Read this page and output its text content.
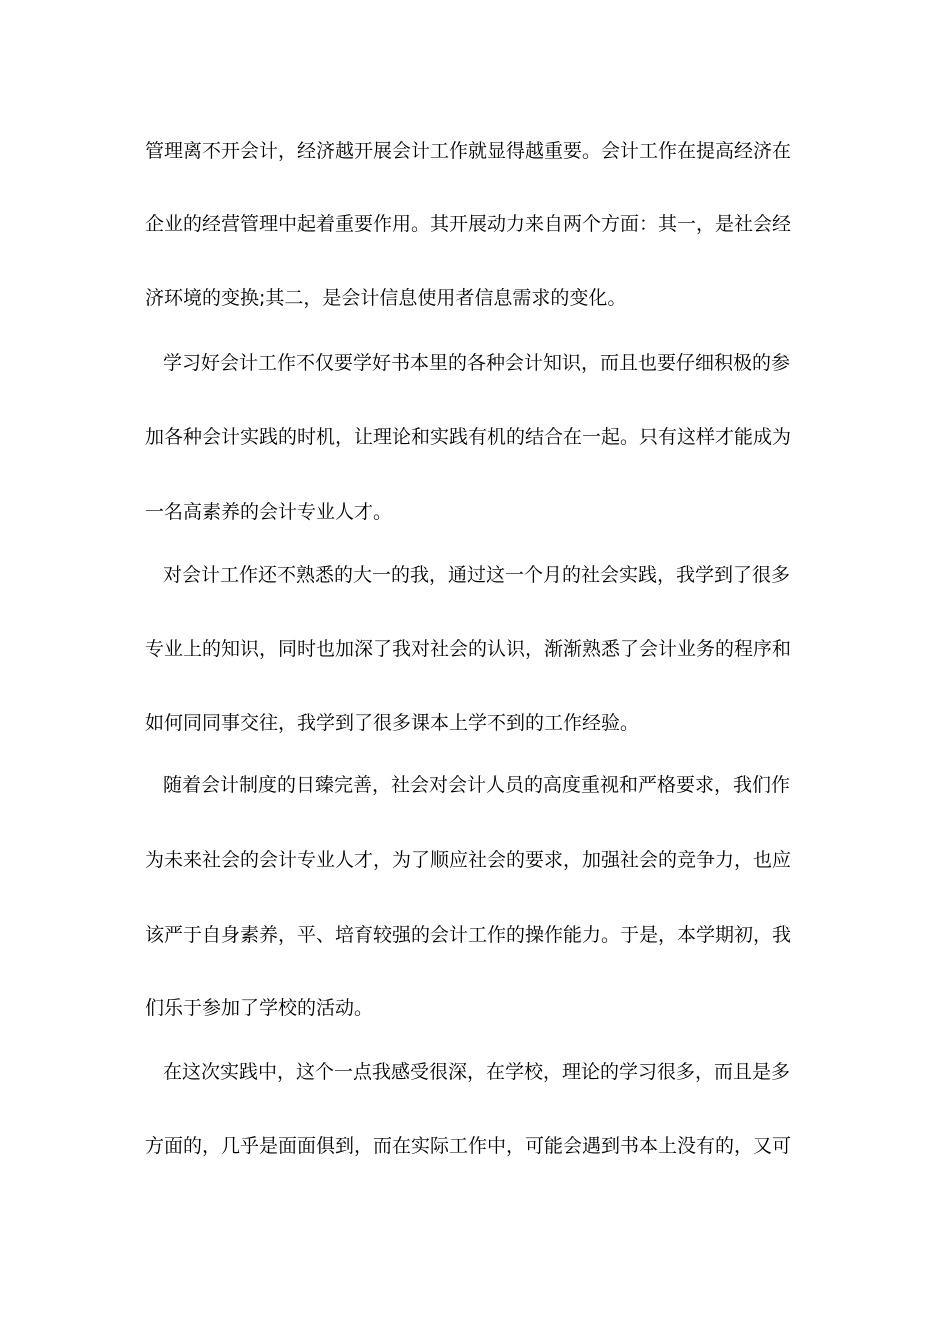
管理离不开会计，经济越开展会计工作就显得越重要。会计工作在提高经济在
企业的经营管理中起着重要作用。其开展动力来自两个方面：其一，是社会经
济环境的变换;其二，是会计信息使用者信息需求的变化。
学习好会计工作不仅要学好书本里的各种会计知识，而且也要仔细积极的参
加各种会计实践的时机，让理论和实践有机的结合在一起。只有这样才能成为
一名高素养的会计专业人才。
对会计工作还不熟悉的大一的我，通过这一个月的社会实践，我学到了很多
专业上的知识，同时也加深了我对社会的认识，渐渐熟悉了会计业务的程序和
如何同同事交往，我学到了很多课本上学不到的工作经验。
随着会计制度的日臻完善，社会对会计人员的高度重视和严格要求，我们作
为未来社会的会计专业人才，为了顺应社会的要求，加强社会的竞争力，也应
该严于自身素养，平、培育较强的会计工作的操作能力。于是，本学期初，我
们乐于参加了学校的活动。
在这次实践中，这个一点我感受很深，在学校，理论的学习很多，而且是多
方面的，几乎是面面俱到，而在实际工作中，可能会遇到书本上没有的，又可
